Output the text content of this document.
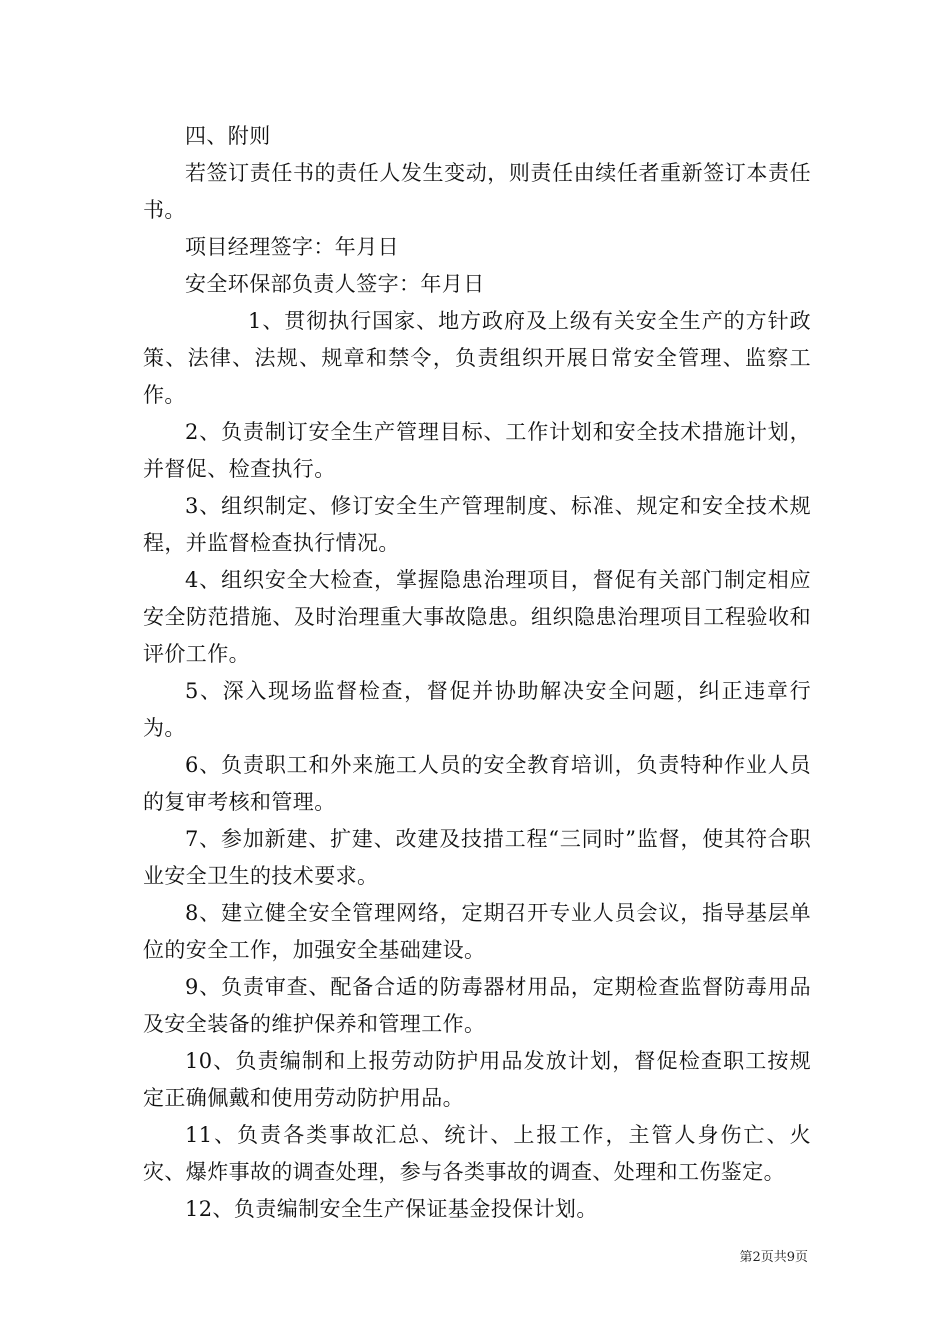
四、附则

若签订责任书的责任人发生变动，则责任由续任者重新签订本责任书。

项目经理签字：年月日

安全环保部负责人签字：年月日

1、贯彻执行国家、地方政府及上级有关安全生产的方针政策、法律、法规、规章和禁令，负责组织开展日常安全管理、监察工作。

2、负责制订安全生产管理目标、工作计划和安全技术措施计划，并督促、检查执行。

3、组织制定、修订安全生产管理制度、标准、规定和安全技术规程，并监督检查执行情况。

4、组织安全大检查，掌握隐患治理项目，督促有关部门制定相应安全防范措施、及时治理重大事故隐患。组织隐患治理项目工程验收和评价工作。

5、深入现场监督检查，督促并协助解决安全问题，纠正违章行为。

6、负责职工和外来施工人员的安全教育培训，负责特种作业人员的复审考核和管理。

7、参加新建、扩建、改建及技措工程“三同时”监督，使其符合职业安全卫生的技术要求。

8、建立健全安全管理网络，定期召开专业人员会议，指导基层单位的安全工作，加强安全基础建设。

9、负责审查、配备合适的防毒器材用品，定期检查监督防毒用品及安全装备的维护保养和管理工作。

10、负责编制和上报劳动防护用品发放计划，督促检查职工按规定正确佩戴和使用劳动防护用品。

11、负责各类事故汇总、统计、上报工作，主管人身伤亡、火灾、爆炸事故的调查处理，参与各类事故的调查、处理和工伤鉴定。

12、负责编制安全生产保证基金投保计划。

第2页共9页
